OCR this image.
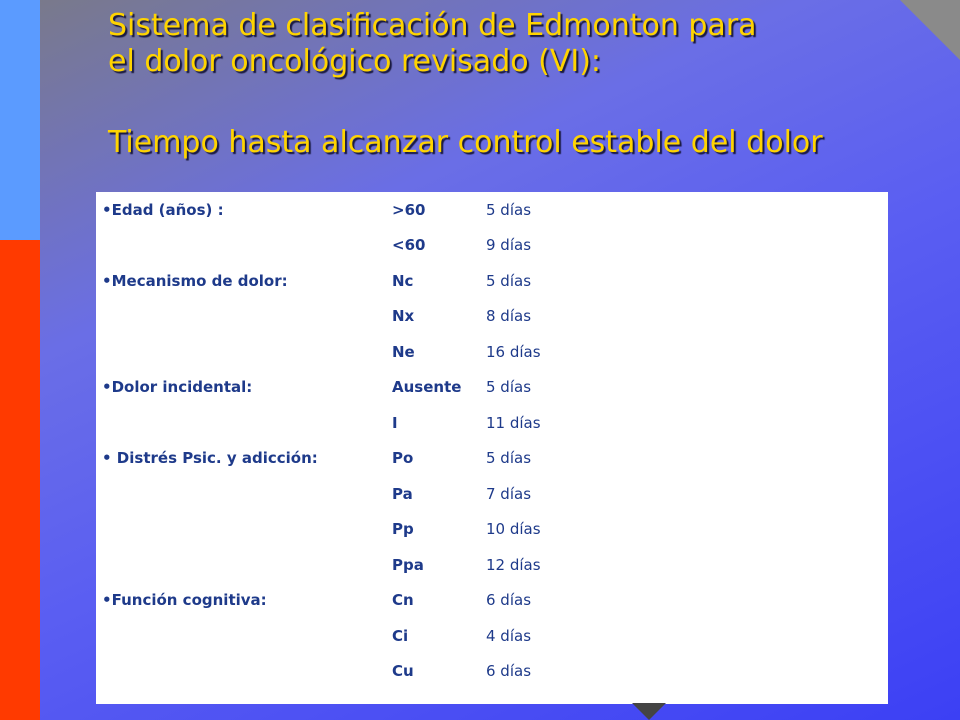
Sistema de clasificación de Edmonton para
el dolor oncológico revisado (VI):
Tiempo hasta alcanzar control estable del dolor
•Edad (años) :	>60	5 días
	<60	9 días
•Mecanismo de dolor:	Nc	5 días
	Nx	8 días
	Ne	16 días
•Dolor incidental:	Ausente	5 días
	I	11 días
• Distrés Psic. y adicción:	Po	5 días
	Pa	7 días
	Pp	10 días
	Ppa	12 días
•Función cognitiva:	Cn	6 días
	Ci	4 días
	Cu	6 días
